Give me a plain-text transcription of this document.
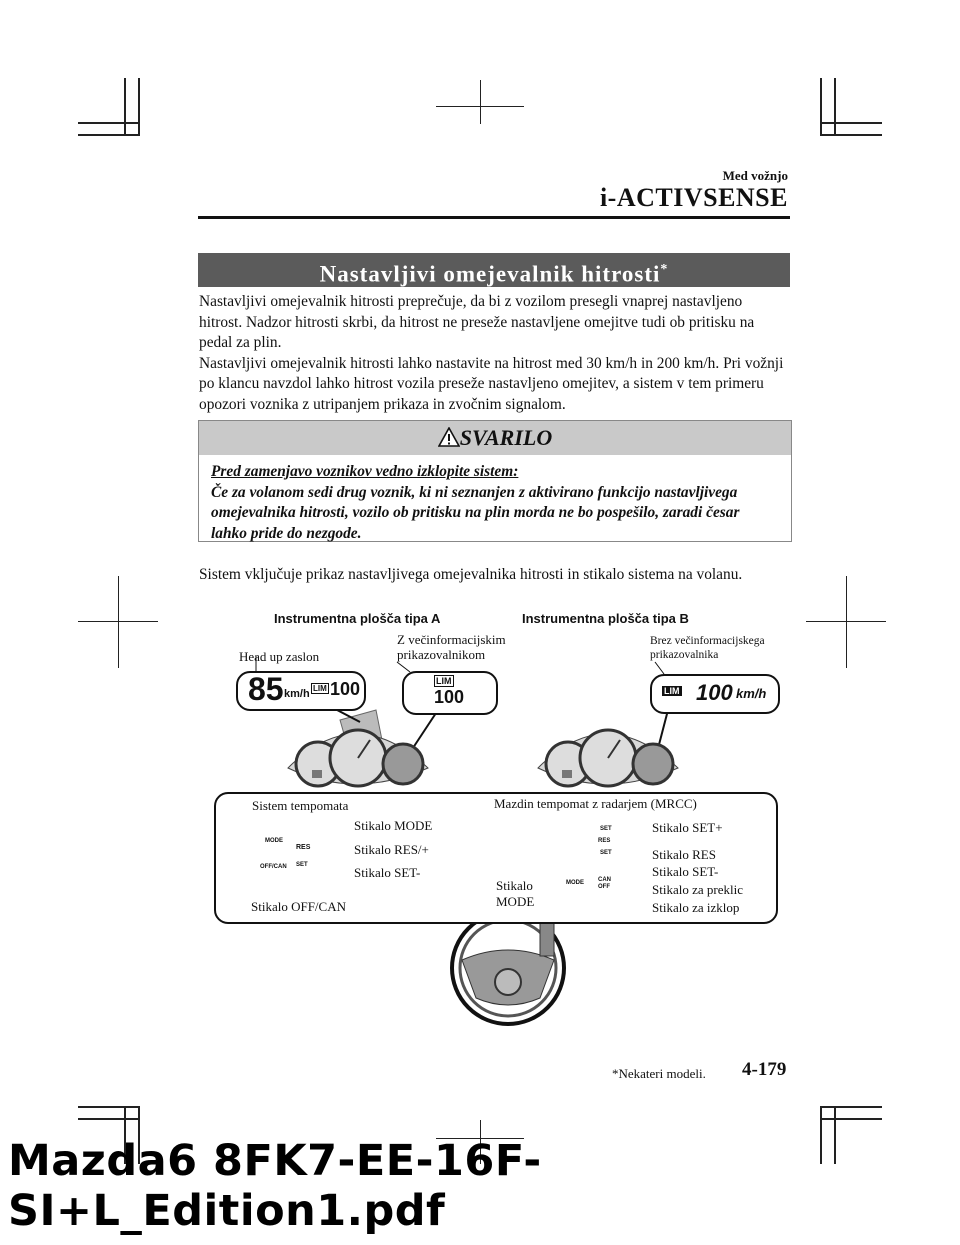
Med vožnjo
i-ACTIVSENSE
Nastavljivi omejevalnik hitrosti*

Nastavljivi omejevalnik hitrosti preprečuje, da bi z vozilom presegli vnaprej nastavljeno hitrost. Nadzor hitrosti skrbi, da hitrost ne preseže nastavljene omejitve tudi ob pritisku na pedal za plin.

Nastavljivi omejevalnik hitrosti lahko nastavite na hitrost med 30 km/h in 200 km/h. Pri vožnji po klancu navzdol lahko hitrost vozila preseže nastavljeno omejitev, a sistem v tem primeru opozori voznika z utripanjem prikaza in zvočnim signalom.

SVARILO
Pred zamenjavo voznikov vedno izklopite sistem:
Če za volanom sedi drug voznik, ki ni seznanjen z aktivirano funkcijo nastavljivega omejevalnika hitrosti, vozilo ob pritisku na plin morda ne bo pospešilo, zaradi česar lahko pride do nezgode.
Sistem vključuje prikaz nastavljivega omejevalnika hitrosti in stikalo sistema na volanu.
Instrumentna plošča tipa A	Instrumentna plošča tipa B
Head up zaslon
Z večinformacijskim
prikazovalnikom
Brez večinformacijskega
prikazovalnika
85 km/h LIM 100	LIM
100	LIM 100 km/h
Sistem tempomata	Mazdin tempomat z radarjem (MRCC)
MODE
RES
OFF/CAN SET
SET
RES
SET
MODE CAN
OFF
Stikalo MODE
Stikalo RES/+
Stikalo SET-
Stikalo OFF/CAN
Stikalo SET+
Stikalo RES
Stikalo SET-
Stikalo za preklic
Stikalo za izklop
Stikalo
MODE
*Nekateri modeli. 4-179
Mazda6 8FK7-EE-16F-SI+L_Edition1.pdf
